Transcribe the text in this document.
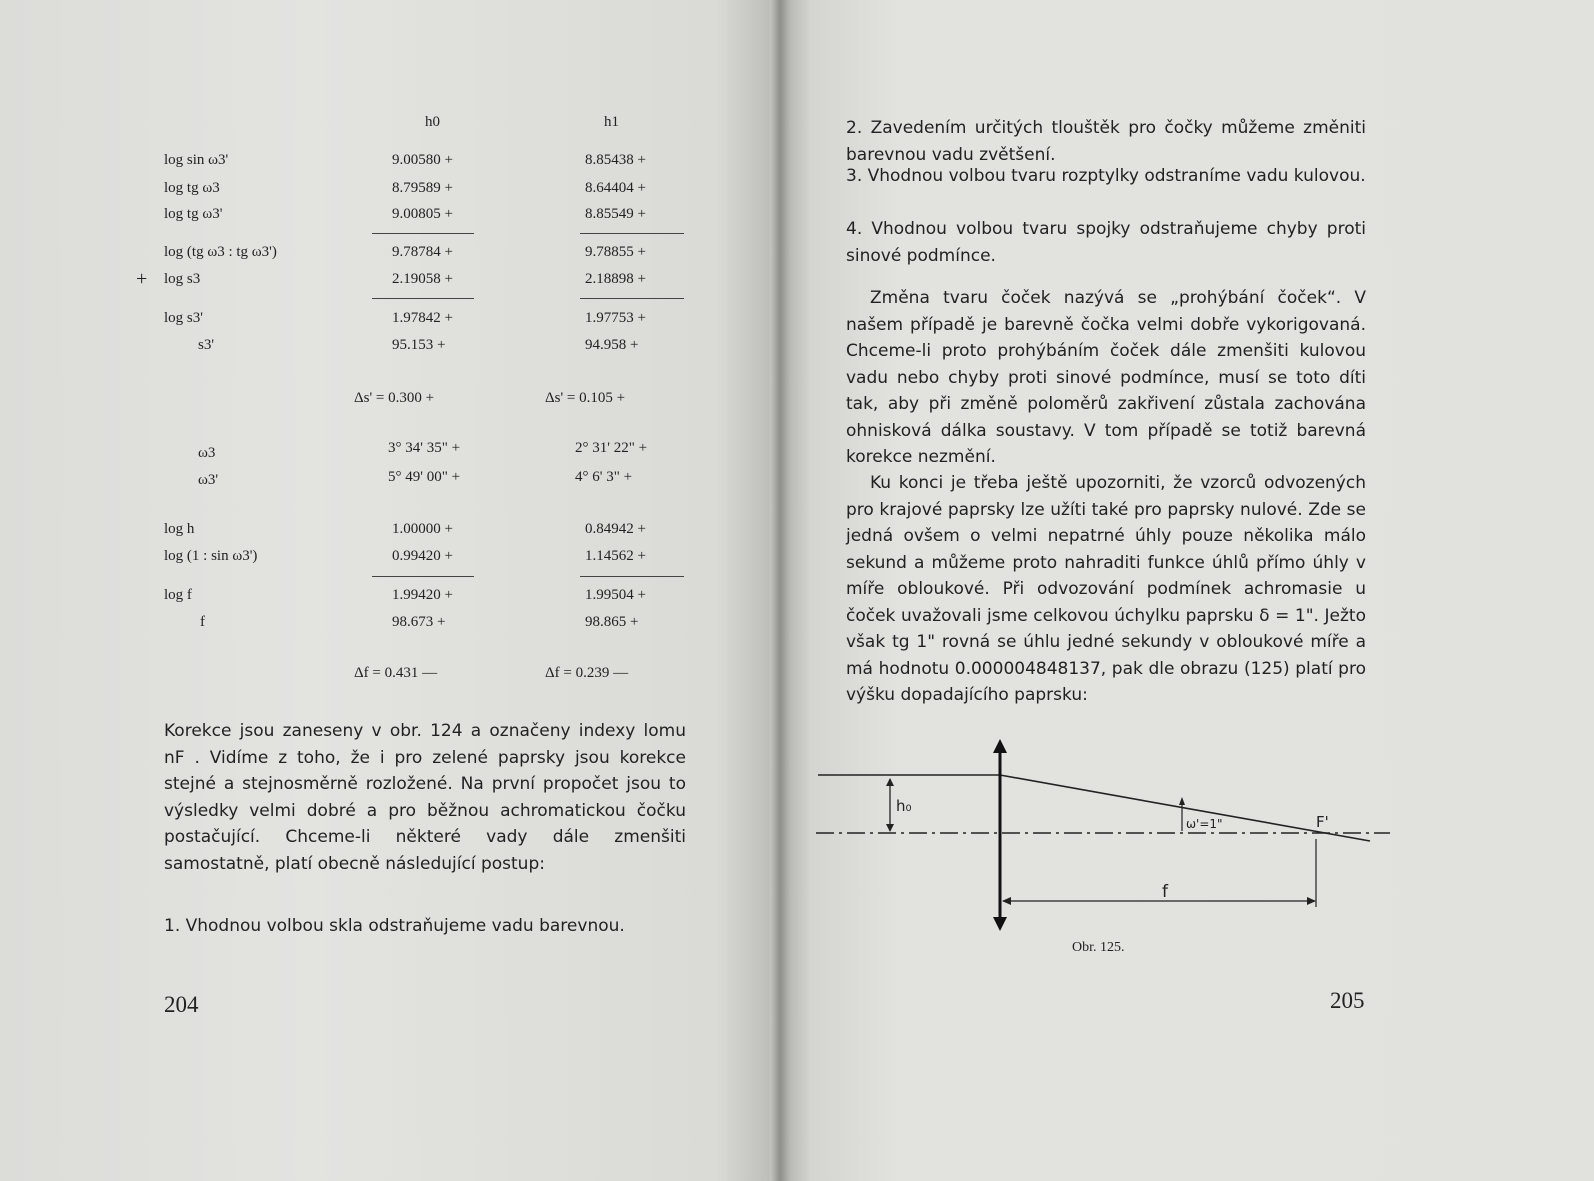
h0	h1
log sin ω3'	9.00580 +	8.85438 +
log tg ω3	8.79589 +	8.64404 +
log tg ω3'	9.00805 +	8.85549 +
log (tg ω3 : tg ω3')	9.78784 +	9.78855 +
+ log s3	2.19058 +	2.18898 +
log s3'	1.97842 +	1.97753 +
s3'	95.153 +	94.958 +
Δs' = 0.300 +	Δs' = 0.105 +
ω3	3° 34' 35" +	2° 31' 22" +
ω3'	5° 49' 00" +	4° 6' 3" +
log h	1.00000 +	0.84942 +
log (1 : sin ω3')	0.99420 +	1.14562 +
log f	1.99420 +	1.99504 +
f	98.673 +	98.865 +
Δf = 0.431 —	Δf = 0.239 —

Korekce jsou zaneseny v obr. 124 a označeny indexy lomu nF . Vidíme z toho, že i pro zelené paprsky jsou korekce stejné a stejnosměrně rozložené. Na první propočet jsou to výsledky velmi dobré a pro běžnou achromatickou čočku postačující. Chceme-li některé vady dále zmenšiti samostatně, platí obecně následující postup:

1. Vhodnou volbou skla odstraňujeme vadu barevnou.

204

2. Zavedením určitých tlouštěk pro čočky můžeme změniti barevnou vadu zvětšení.

3. Vhodnou volbou tvaru rozptylky odstraníme vadu kulovou.

4. Vhodnou volbou tvaru spojky odstraňujeme chyby proti sinové podmínce.

Změna tvaru čoček nazývá se „prohýbání čoček“. V našem případě je barevně čočka velmi dobře vykorigovaná. Chceme-li proto prohýbáním čoček dále zmenšiti kulovou vadu nebo chyby proti sinové podmínce, musí se toto díti tak, aby při změně poloměrů zakřivení zůstala zachována ohnisková dálka soustavy. V tom případě se totiž barevná korekce nezmění.

Ku konci je třeba ještě upozorniti, že vzorců odvozených pro krajové paprsky lze užíti také pro paprsky nulové. Zde se jedná ovšem o velmi nepatrné úhly pouze několika málo sekund a můžeme proto nahraditi funkce úhlů přímo úhly v míře obloukové. Při odvozování podmínek achromasie u čoček uvažovali jsme celkovou úchylku paprsku δ = 1". Ježto však tg 1" rovná se úhlu jedné sekundy v obloukové míře a má hodnotu 0.000004848137, pak dle obrazu (125) platí pro výšku dopadajícího paprsku:

h₀
ω'=1"	F'
f
Obr. 125.
205
